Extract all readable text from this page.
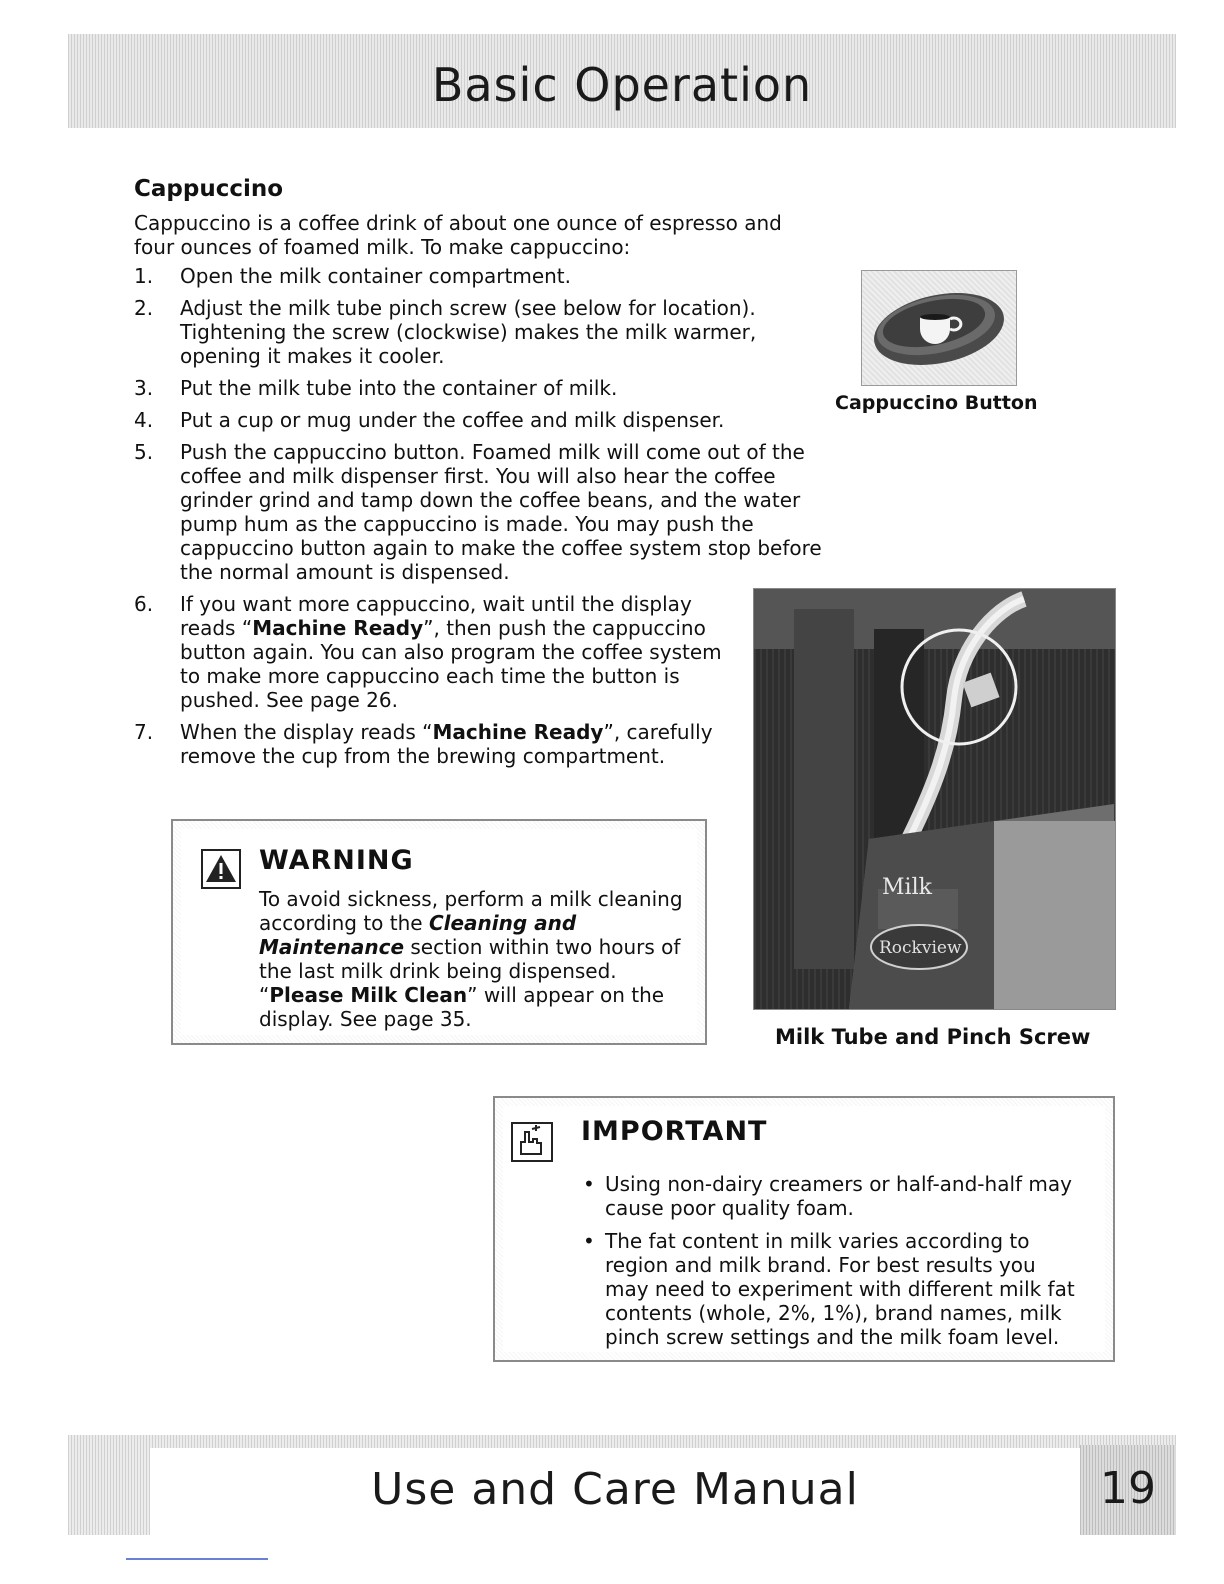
Basic Operation
Cappuccino
Cappuccino is a coffee drink of about one ounce of espresso and four ounces of foamed milk. To make cappuccino:
1.	Open the milk container compartment.
2.	Adjust the milk tube pinch screw (see below for location). Tightening the screw (clockwise) makes the milk warmer, opening it makes it cooler.
3.	Put the milk tube into the container of milk.
4.	Put a cup or mug under the coffee and milk dispenser.
5.	Push the cappuccino button. Foamed milk will come out of the coffee and milk dispenser first. You will also hear the coffee grinder grind and tamp down the coffee beans, and the water pump hum as the cappuccino is made. You may push the cappuccino button again to make the coffee system stop before the normal amount is dispensed.
6.	If you want more cappuccino, wait until the display reads “Machine Ready”, then push the cappuccino button again. You can also program the coffee system to make more cappuccino each time the button is pushed. See page 26.
7.	When the display reads “Machine Ready”, carefully remove the cup from the brewing compartment.
Cappuccino Button
Milk
Rockview
Milk Tube and Pinch Screw
WARNING
To avoid sickness, perform a milk cleaning according to the Cleaning and Maintenance section within two hours of the last milk drink being dispensed. “Please Milk Clean” will appear on the display. See page 35.
IMPORTANT
• Using non-dairy creamers or half-and-half may cause poor quality foam.
• The fat content in milk varies according to region and milk brand. For best results you may need to experiment with different milk fat contents (whole, 2%, 1%), brand names, milk pinch screw settings and the milk foam level.
Use and Care Manual	19
